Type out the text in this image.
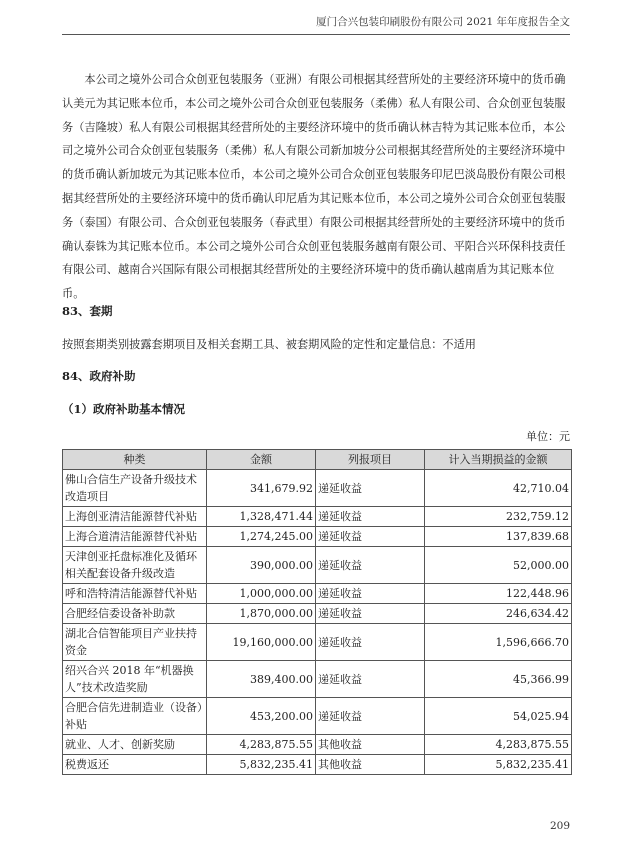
厦门合兴包装印刷股份有限公司 2021 年年度报告全文

本公司之境外公司合众创亚包装服务（亚洲）有限公司根据其经营所处的主要经济环境中的货币确认美元为其记账本位币，本公司之境外公司合众创亚包装服务（柔佛）私人有限公司、合众创亚包装服务（吉隆坡）私人有限公司根据其经营所处的主要经济环境中的货币确认林吉特为其记账本位币，本公司之境外公司合众创亚包装服务（柔佛）私人有限公司新加坡分公司根据其经营所处的主要经济环境中的货币确认新加坡元为其记账本位币，本公司之境外公司合众创亚包装服务印尼巴淡岛股份有限公司根据其经营所处的主要经济环境中的货币确认印尼盾为其记账本位币，本公司之境外公司合众创亚包装服务（泰国）有限公司、合众创亚包装服务（春武里）有限公司根据其经营所处的主要经济环境中的货币确认泰铢为其记账本位币。本公司之境外公司合众创亚包装服务越南有限公司、平阳合兴环保科技责任有限公司、越南合兴国际有限公司根据其经营所处的主要经济环境中的货币确认越南盾为其记账本位币。

83、套期

按照套期类别披露套期项目及相关套期工具、被套期风险的定性和定量信息：不适用

84、政府补助

（1）政府补助基本情况

单位：元
种类	金额	列报项目	计入当期损益的金额
佛山合信生产设备升级技术改造项目	341,679.92	递延收益	42,710.04
上海创亚清洁能源替代补贴	1,328,471.44	递延收益	232,759.12
上海合道清洁能源替代补贴	1,274,245.00	递延收益	137,839.68
天津创亚托盘标准化及循环相关配套设备升级改造	390,000.00	递延收益	52,000.00
呼和浩特清洁能源替代补贴	1,000,000.00	递延收益	122,448.96
合肥经信委设备补助款	1,870,000.00	递延收益	246,634.42
湖北合信智能项目产业扶持资金	19,160,000.00	递延收益	1,596,666.70
绍兴合兴 2018 年“机器换人”技术改造奖励	389,400.00	递延收益	45,366.99
合肥合信先进制造业（设备）补贴	453,200.00	递延收益	54,025.94
就业、人才、创新奖励	4,283,875.55	其他收益	4,283,875.55
税费返还	5,832,235.41	其他收益	5,832,235.41
209
